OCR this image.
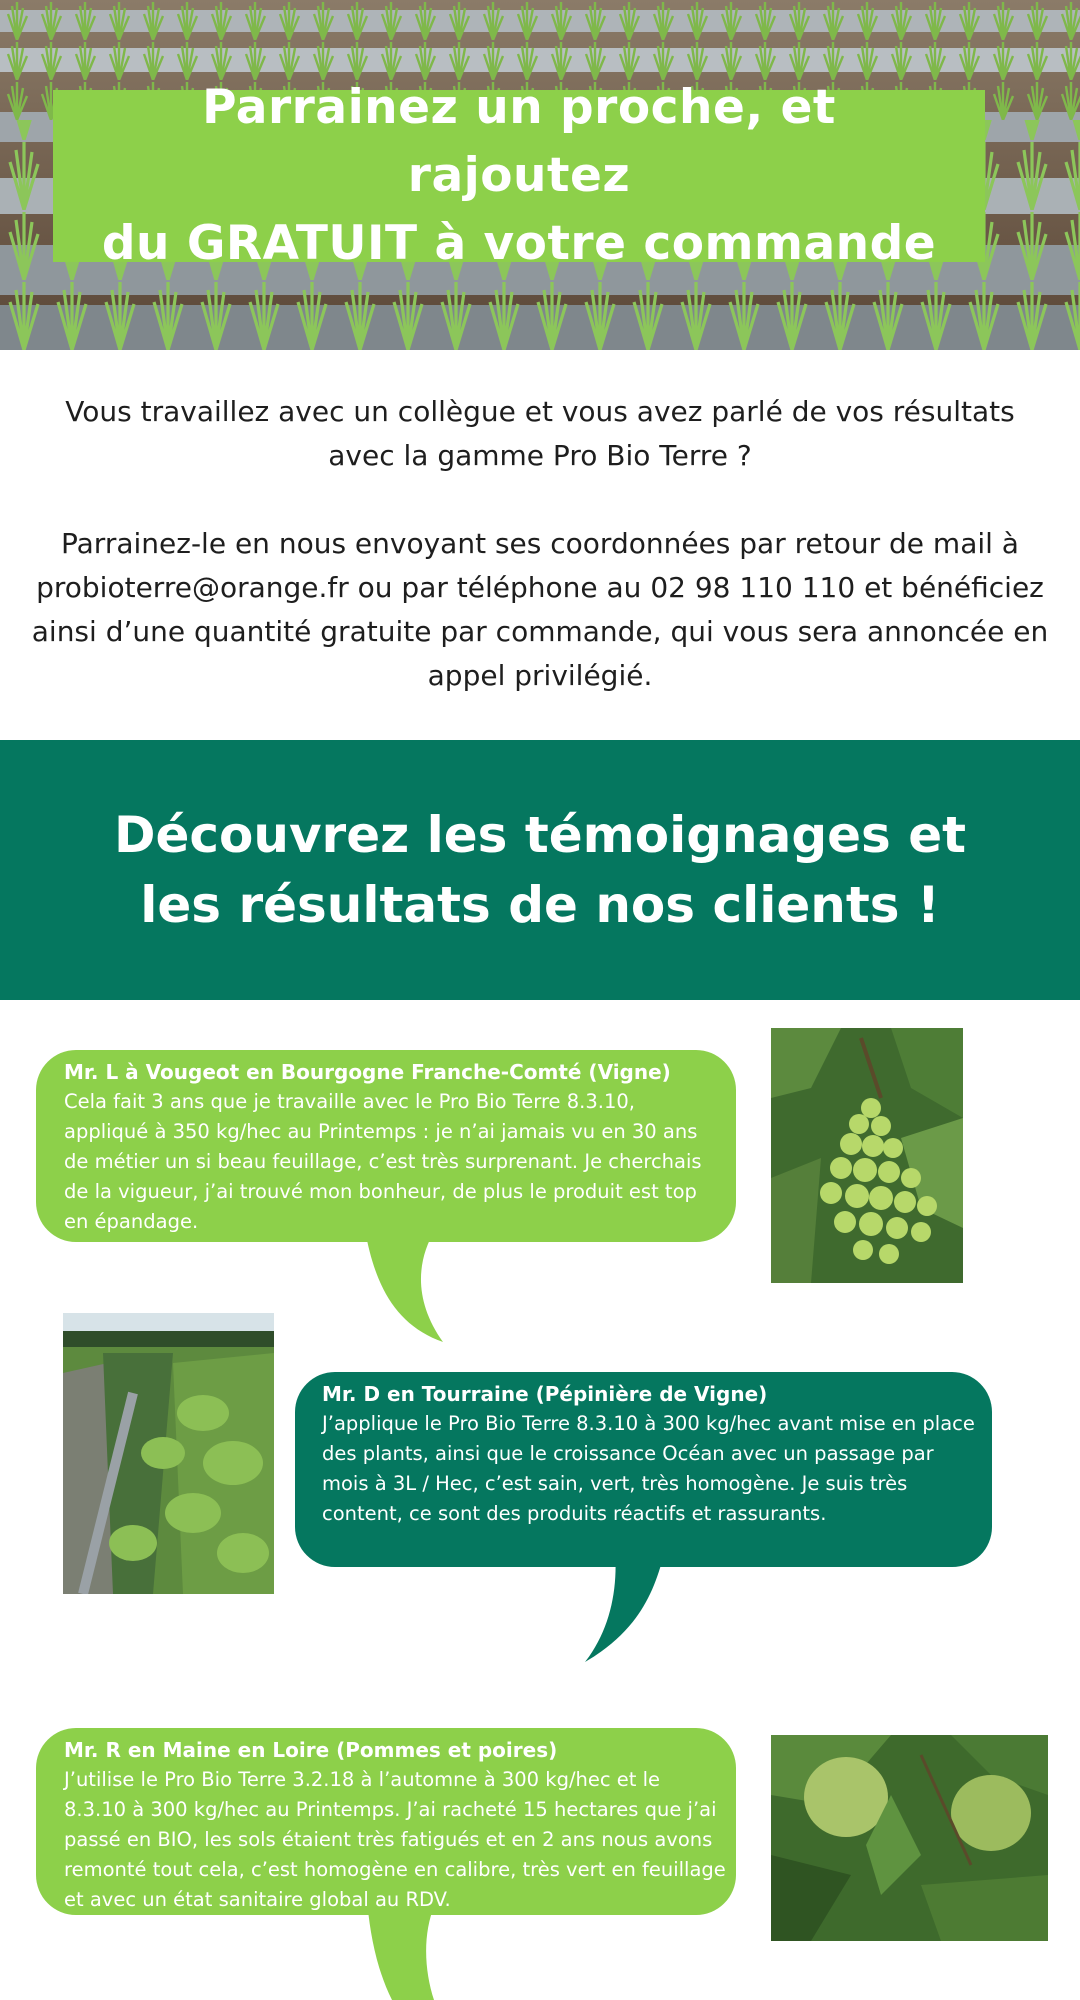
Parrainez un proche, et rajoutez
du GRATUIT à votre commande

Vous travaillez avec un collègue et vous avez parlé de vos résultats avec la gamme Pro Bio Terre ?

Parrainez-le en nous envoyant ses coordonnées par retour de mail à probioterre@orange.fr ou par téléphone au 02 98 110 110 et bénéficiez ainsi d’une quantité gratuite par commande, qui vous sera annoncée en appel privilégié.

Découvrez les témoignages et
les résultats de nos clients !
Mr. L à Vougeot en Bourgogne Franche-Comté (Vigne)
Cela fait 3 ans que je travaille avec le Pro Bio Terre 8.3.10, appliqué à 350 kg/hec au Printemps : je n’ai jamais vu en 30 ans de métier un si beau feuillage, c’est très surprenant. Je cherchais de la vigueur, j’ai trouvé mon bonheur, de plus le produit est top en épandage.
Mr. D en Tourraine (Pépinière de Vigne)
J’applique le Pro Bio Terre 8.3.10 à 300 kg/hec avant mise en place des plants, ainsi que le croissance Océan avec un passage par mois à 3L / Hec, c’est sain, vert, très homogène. Je suis très content, ce sont des produits réactifs et rassurants.
Mr. R en Maine en Loire (Pommes et poires)
J’utilise le Pro Bio Terre 3.2.18 à l’automne à 300 kg/hec et le 8.3.10 à 300 kg/hec au Printemps. J’ai racheté 15 hectares que j’ai passé en BIO, les sols étaient très fatigués et en 2 ans nous avons remonté tout cela, c’est homogène en calibre, très vert en feuillage et avec un état sanitaire global au RDV.
